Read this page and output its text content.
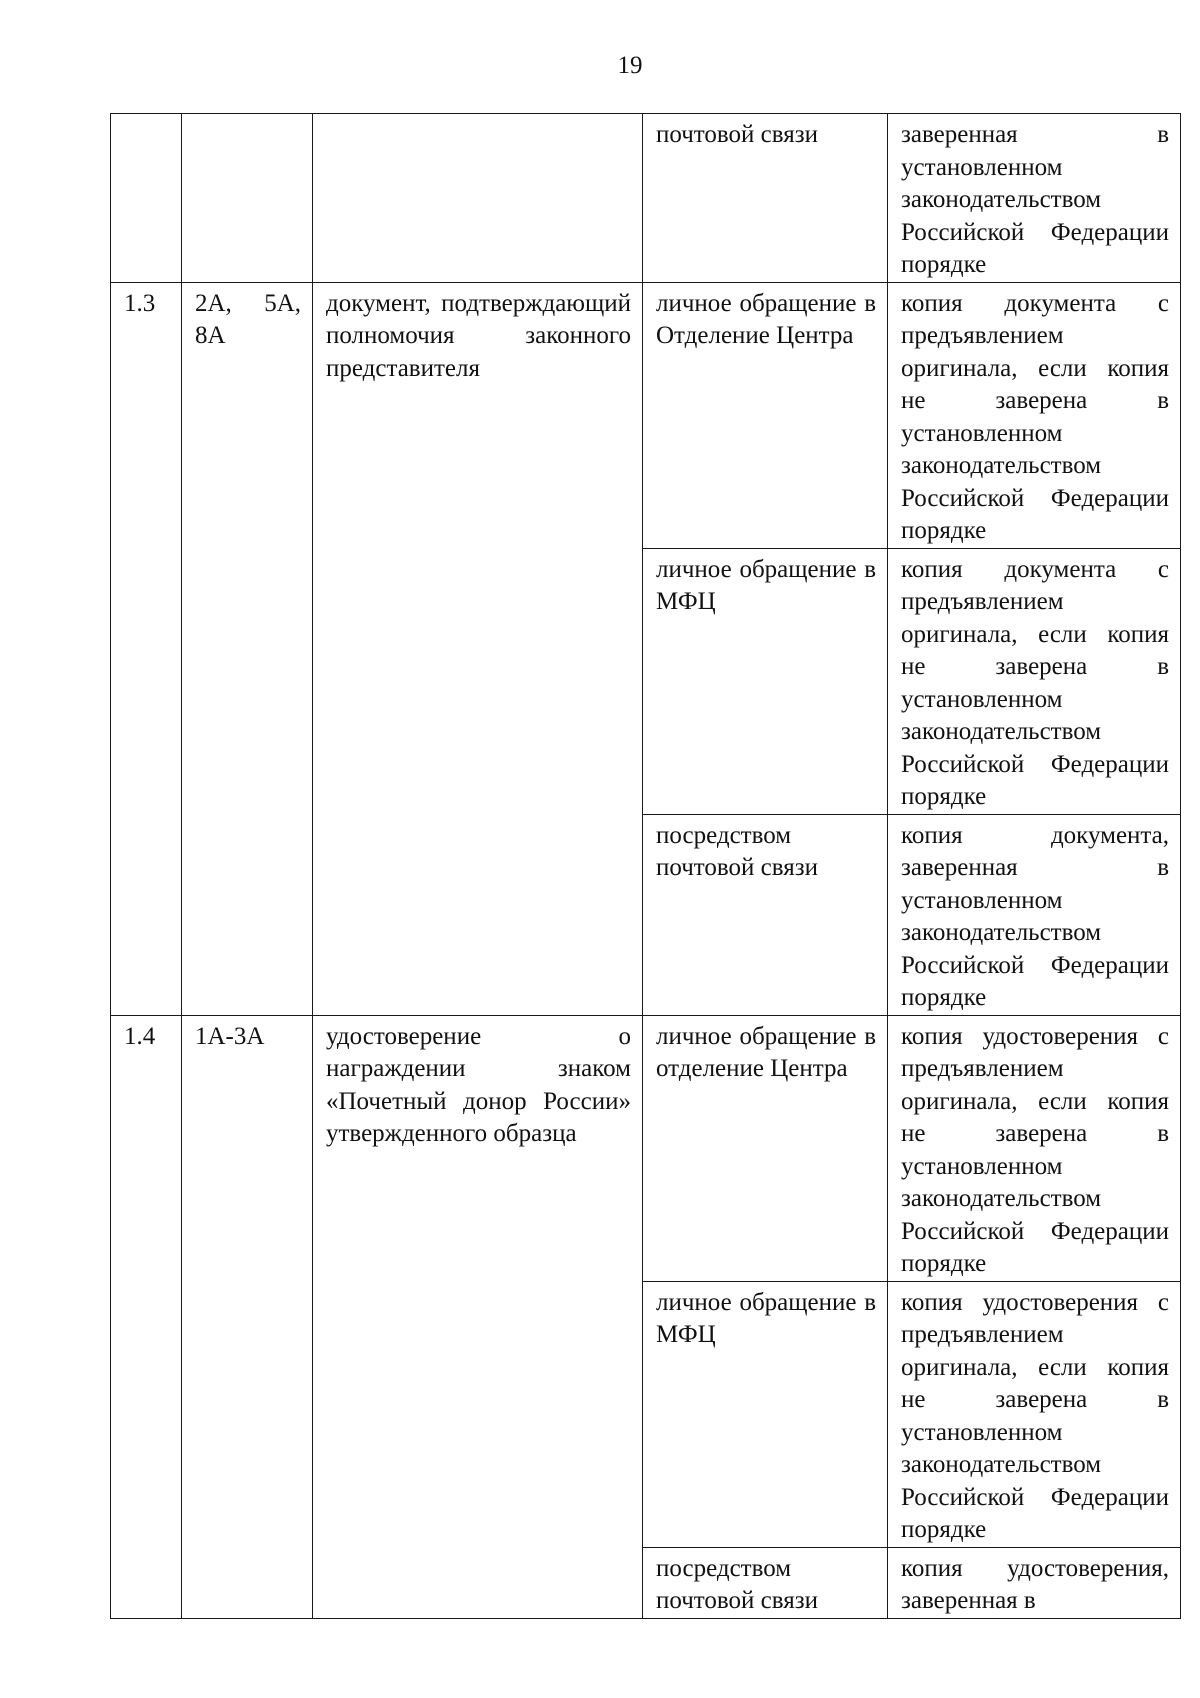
19
			почтовой связи	заверенная в установленном законодательством Российской Федерации порядке
1.3	2А, 5А, 8А	документ, подтверждающий полномочия законного представителя	личное обращение в Отделение Центра	копия документа с предъявлением оригинала, если копия не заверена в установленном законодательством Российской Федерации порядке
			личное обращение в МФЦ	копия документа с предъявлением оригинала, если копия не заверена в установленном законодательством Российской Федерации порядке
			посредством почтовой связи	копия документа, заверенная в установленном законодательством Российской Федерации порядке
1.4	1А-3А	удостоверение о награждении знаком «Почетный донор России» утвержденного образца	личное обращение в отделение Центра	копия удостоверения с предъявлением оригинала, если копия не заверена в установленном законодательством Российской Федерации порядке
			личное обращение в МФЦ	копия удостоверения с предъявлением оригинала, если копия не заверена в установленном законодательством Российской Федерации порядке
			посредством почтовой связи	копия удостоверения, заверенная в
